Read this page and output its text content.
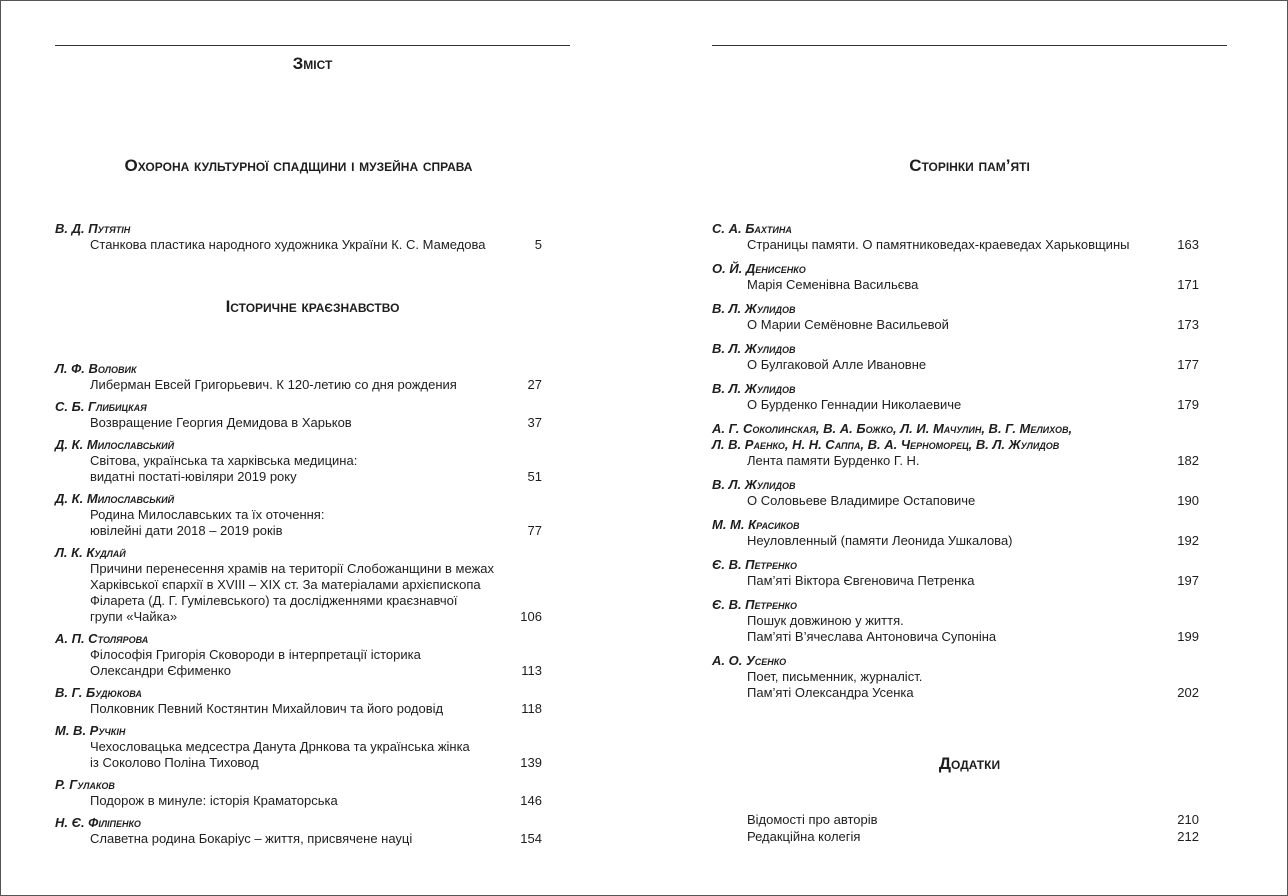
Зміст
Охорона культурної спадщини і музейна справа
В. Д. Путятін
Станкова пластика народного художника України К. С. Мамедова	5
Історичне краєзнавство
Л. Ф. Воловик
Либерман Евсей Григорьевич. К 120-летию со дня рождения	27
С. Б. Глибицкая
Возвращение Георгия Демидова в Харьков	37
Д. К. Милославський
Світова, українська та харківська медицина:
видатні постаті-ювіляри 2019 року	51
Д. К. Милославський
Родина Милославських та їх оточення:
ювілейні дати 2018 – 2019 років	77
Л. К. Кудлай
Причини перенесення храмів на території Слобожанщини в межах
Харківської єпархії в XVIII – XIX ст. За матеріалами архієпископа
Філарета (Д. Г. Гумілевського) та дослідженнями краєзнавчої
групи «Чайка»	106
А. П. Столярова
Філософія Григорія Сковороди в інтерпретації історика
Олександри Єфименко	113
В. Г. Будюкова
Полковник Певний Костянтин Михайлович та його родовід	118
М. В. Ручкін
Чехословацька медсестра Данута Дрнкова та українська жінка
із Соколово Поліна Тиховод	139
Р. Гулаков
Подорож в минуле: історія Краматорська	146
Н. Є. Філіпенко
Славетна родина Бокаріус – життя, присвячене науці	154
Сторінки пам’яті
С. А. Бахтина
Страницы памяти. О памятниковедах-краеведах Харьковщины	163
О. Й. Денисенко
Марія Семенівна Васильєва	171
В. Л. Жулидов
О Марии Семёновне Васильевой	173
В. Л. Жулидов
О Булгаковой Алле Ивановне	177
В. Л. Жулидов
О Бурденко Геннадии Николаевиче	179
А. Г. Соколинская, В. А. Божко, Л. И. Мачулин, В. Г. Мелихов,
Л. В. Раенко, Н. Н. Саппа, В. А. Черноморец, В. Л. Жулидов
Лента памяти Бурденко Г. Н.	182
В. Л. Жулидов
О Соловьеве Владимире Остаповиче	190
М. М. Красиков
Неуловленный (памяти Леонида Ушкалова)	192
Є. В. Петренко
Пам’яті Віктора Євгеновича Петренка	197
Є. В. Петренко
Пошук довжиною у життя.
Пам’яті В’ячеслава Антоновича Супоніна	199
А. О. Усенко
Поет, письменник, журналіст.
Пам’яті Олександра Усенка	202
Додатки
Відомості про авторів	210
Редакційна колегія	212
